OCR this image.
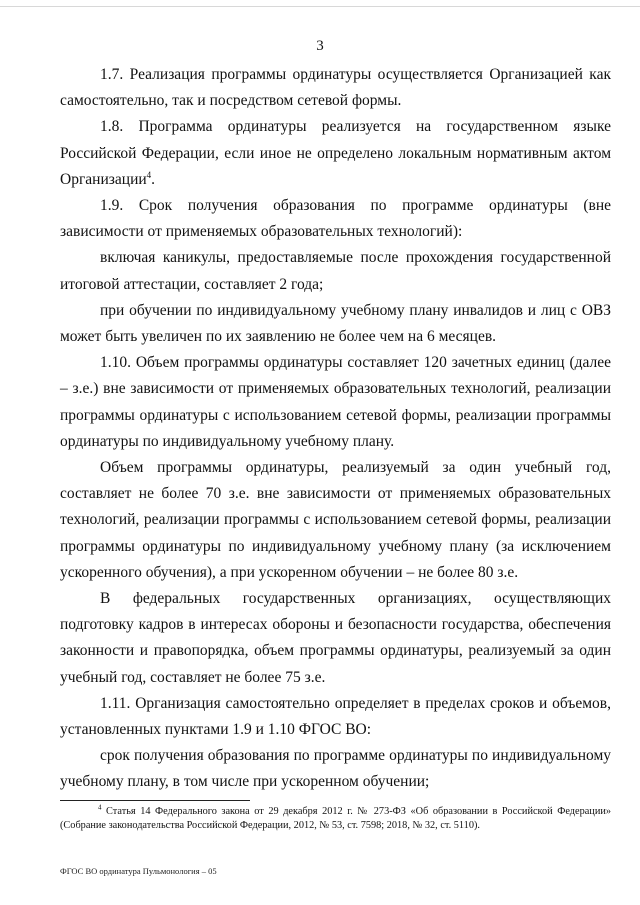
3

1.7. Реализация программы ординатуры осуществляется Организацией как самостоятельно, так и посредством сетевой формы.

1.8. Программа ординатуры реализуется на государственном языке Российской Федерации, если иное не определено локальным нормативным актом Организации$^4$.

1.9. Срок получения образования по программе ординатуры (вне зависимости от применяемых образовательных технологий):

включая каникулы, предоставляемые после прохождения государственной итоговой аттестации, составляет 2 года;

при обучении по индивидуальному учебному плану инвалидов и лиц с ОВЗ может быть увеличен по их заявлению не более чем на 6 месяцев.

1.10. Объем программы ординатуры составляет 120 зачетных единиц (далее – з.е.) вне зависимости от применяемых образовательных технологий, реализации программы ординатуры с использованием сетевой формы, реализации программы ординатуры по индивидуальному учебному плану.

Объем программы ординатуры, реализуемый за один учебный год, составляет не более 70 з.е. вне зависимости от применяемых образовательных технологий, реализации программы с использованием сетевой формы, реализации программы ординатуры по индивидуальному учебному плану (за исключением ускоренного обучения), а при ускоренном обучении – не более 80 з.е.

В федеральных государственных организациях, осуществляющих подготовку кадров в интересах обороны и безопасности государства, обеспечения законности и правопорядка, объем программы ординатуры, реализуемый за один учебный год, составляет не более 75 з.е.

1.11. Организация самостоятельно определяет в пределах сроков и объемов, установленных пунктами 1.9 и 1.10 ФГОС ВО:

срок получения образования по программе ординатуры по индивидуальному учебному плану, в том числе при ускоренном обучении;

$^4$ Статья 14 Федерального закона от 29 декабря 2012 г. № 273-ФЗ «Об образовании в Российской Федерации» (Собрание законодательства Российской Федерации, 2012, № 53, ст. 7598; 2018, № 32, ст. 5110).

ФГОС ВО ординатура Пульмонология – 05
